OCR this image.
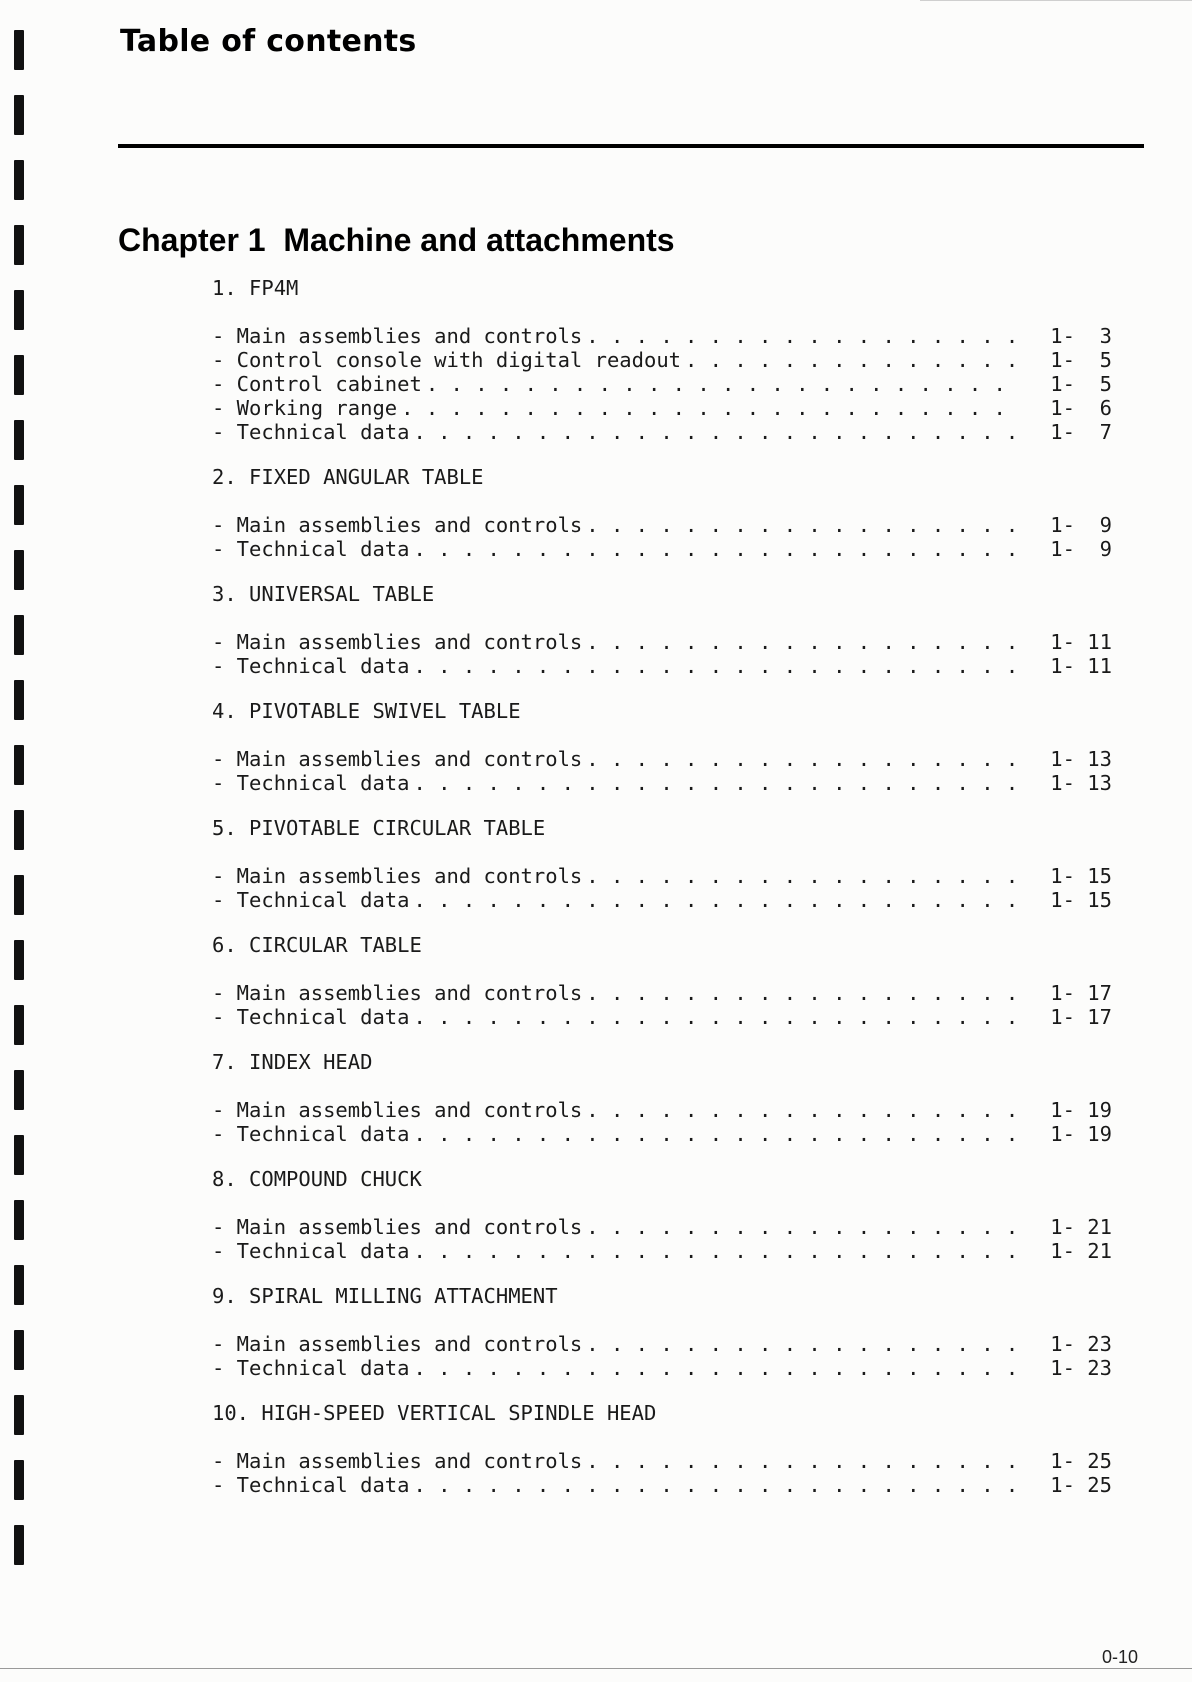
Table of contents
Chapter 1  Machine and attachments
1. FP4M
- Main assemblies and controls . . .	1-  3
- Control console with digital readout . . .	1-  5
- Control cabinet . . .	1-  5
- Working range . . .	1-  6
- Technical data . . .	1-  7
2. FIXED ANGULAR TABLE
- Main assemblies and controls . . .	1-  9
- Technical data . . .	1-  9
3. UNIVERSAL TABLE
- Main assemblies and controls . . .	1- 11
- Technical data . . .	1- 11
4. PIVOTABLE SWIVEL TABLE
- Main assemblies and controls . . .	1- 13
- Technical data . . .	1- 13
5. PIVOTABLE CIRCULAR TABLE
- Main assemblies and controls . . .	1- 15
- Technical data . . .	1- 15
6. CIRCULAR TABLE
- Main assemblies and controls . . .	1- 17
- Technical data . . .	1- 17
7. INDEX HEAD
- Main assemblies and controls . . .	1- 19
- Technical data . . .	1- 19
8. COMPOUND CHUCK
- Main assemblies and controls . . .	1- 21
- Technical data . . .	1- 21
9. SPIRAL MILLING ATTACHMENT
- Main assemblies and controls . . .	1- 23
- Technical data . . .	1- 23
10. HIGH-SPEED VERTICAL SPINDLE HEAD
- Main assemblies and controls . . .	1- 25
- Technical data . . .	1- 25
0-10
